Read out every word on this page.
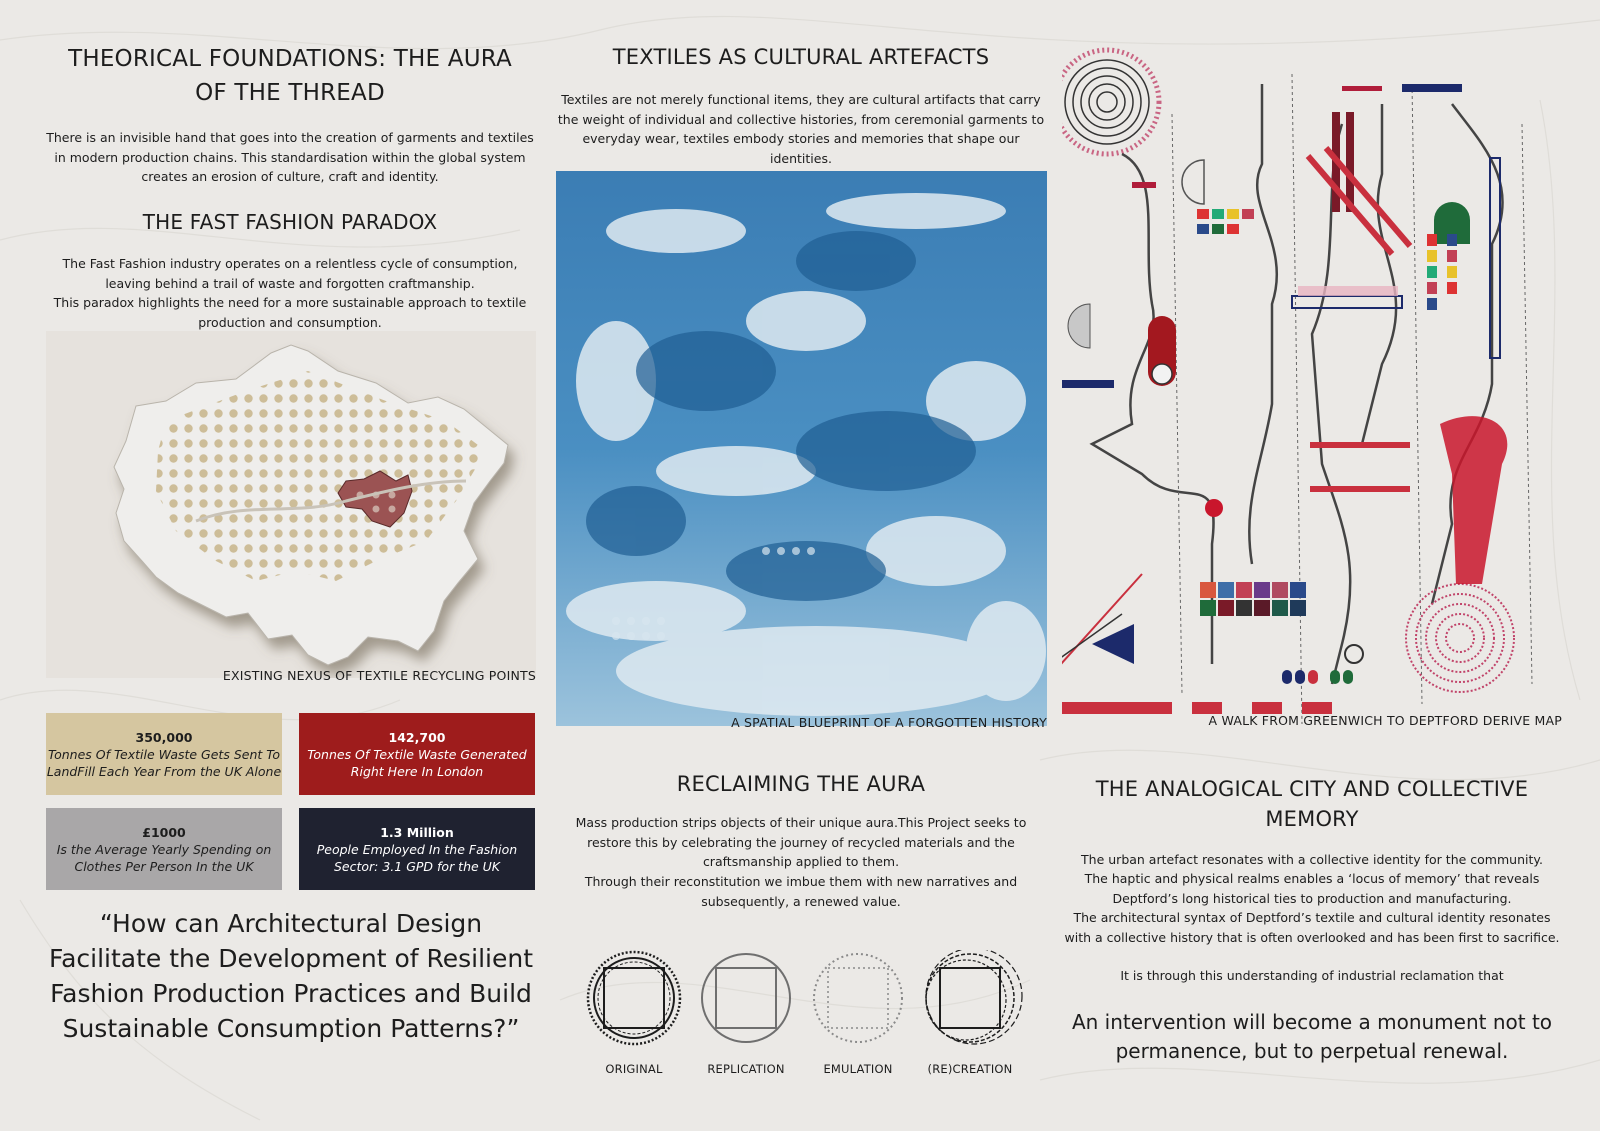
THEORICAL FOUNDATIONS: THE AURA OF THE THREAD

There is an invisible hand that goes into the creation of garments and textiles in modern production chains. This standardisation within the global system creates an erosion of culture, craft and identity.

THE FAST FASHION PARADOX

The Fast Fashion industry operates on a relentless cycle of consumption, leaving behind a trail of waste and forgotten craftmanship.

This paradox highlights the need for a more sustainable approach to textile production and consumption.

EXISTING NEXUS OF TEXTILE RECYCLING POINTS
350,000
Tonnes Of Textile Waste Gets Sent To LandFill Each Year From the UK Alone
142,700
Tonnes Of Textile Waste Generated Right Here In London
£1000
Is the Average Yearly Spending on Clothes Per Person In the UK
1.3 Million
People Employed In the Fashion Sector: 3.1 GPD for the UK
“How can Architectural Design Facilitate the Development of Resilient Fashion Production Practices and Build Sustainable Consumption Patterns?”
TEXTILES AS CULTURAL ARTEFACTS

Textiles are not merely functional items, they are cultural artifacts that carry the weight of individual and collective histories, from ceremonial garments to everyday wear, textiles embody stories and memories that shape our identities.

A SPATIAL BLUEPRINT OF A FORGOTTEN HISTORY
RECLAIMING THE AURA

Mass production strips objects of their unique aura.This Project seeks to restore this by celebrating the journey of recycled materials and the craftsmanship applied to them.

Through their reconstitution we imbue them with new narratives and subsequently, a renewed value.

ORIGINAL	REPLICATION	EMULATION	(RE)CREATION
A WALK FROM GREENWICH TO DEPTFORD DERIVE MAP
THE ANALOGICAL CITY AND COLLECTIVE MEMORY

The urban artefact resonates with a collective identity for the community.

The haptic and physical realms enables a ‘locus of memory’ that reveals Deptford’s long historical ties to production and manufacturing.

The architectural syntax of Deptford’s textile and cultural identity resonates with a collective history that is often overlooked and has been first to sacrifice.

It is through this understanding of industrial reclamation that

An intervention will become a monument not to permanence, but to perpetual renewal.
